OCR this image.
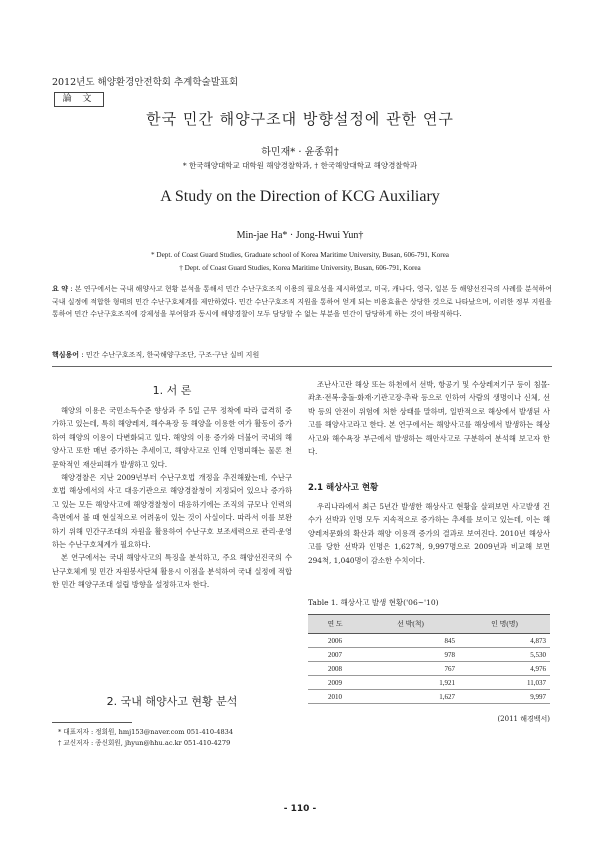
2012년도 해양환경안전학회 추계학술발표회
論 文
한국 민간 해양구조대 방향설정에 관한 연구
하민재* · 윤종휘†
* 한국해양대학교 대학원 해양경찰학과, † 한국해양대학교 해양경찰학과
A Study on the Direction of KCG Auxiliary
Min-jae Ha* · Jong-Hwui Yun†
* Dept. of Coast Guard Studies, Graduate school of Korea Maritime University, Busan, 606-791, Korea
† Dept. of Coast Guard Studies, Korea Maritime University, Busan, 606-791, Korea
요 약 : 본 연구에서는 국내 해양사고 현황 분석을 통해서 민간 수난구호조직 이용의 필요성을 제시하였고, 미국, 캐나다, 영국, 일본 등 해양선진국의 사례를 분석하여 국내 실정에 적합한 형태의 민간 수난구호체계를 제안하였다. 민간 수난구호조직 지원을 통하여 얻게 되는 비용효율은 상당한 것으로 나타났으며, 이러한 정부 지원을 통하여 민간 수난구호조직에 강제성을 부여함과 동시에 해양경찰이 모두 담당할 수 없는 부분을 민간이 담당하게 하는 것이 바람직하다.
핵심용어 : 민간 수난구호조직, 한국해양구조단, 구조·구난 실비 지원
1. 서 론

해양의 이용은 국민소득수준 향상과 주 5일 근무 정착에 따라 급격히 증가하고 있는데, 특히 해양레저, 해수욕장 등 해양을 이용한 여가 활동이 증가하여 해양의 이용이 다변화되고 있다. 해양의 이용 증가와 더불어 국내의 해양사고 또한 매년 증가하는 추세이고, 해양사고로 인해 인명피해는 물론 천문학적인 재산피해가 발생하고 있다.

해양경찰은 지난 2009년부터 수난구호법 개정을 추진해왔는데, 수난구호법 해상에서의 사고 대응기관으로 해양경찰청이 지정되어 있으나 증가하고 있는 모든 해양사고에 해양경찰청이 대응하기에는 조직의 규모나 인력의 측면에서 볼 때 현실적으로 어려움이 있는 것이 사실이다. 따라서 이를 보완하기 위해 민간구조대의 자원을 활용하여 수난구호 보조세력으로 관리·운영하는 수난구호체계가 필요하다.

본 연구에서는 국내 해양사고의 특징을 분석하고, 주요 해양선진국의 수난구호체계 및 민간 자원봉사단체 활용시 이점을 분석하여 국내 실정에 적합한 민간 해양구조대 설립 방향을 설정하고자 한다.

2. 국내 해양사고 현황 분석
* 대표저자 : 정회원, hmj153@naver.com 051-410-4834
† 교신저자 : 종신회원, jhyun@hhu.ac.kr 051-410-4279

조난사고란 해상 또는 하천에서 선박, 항공기 및 수상레저기구 등이 침몰·좌초·전복·충돌·화재·기관고장·추락 등으로 인하여 사람의 생명이나 신체, 선박 등의 안전이 위험에 처한 상태를 말하며, 일반적으로 해상에서 발생된 사고를 해양사고라고 한다. 본 연구에서는 해양사고를 해상에서 발생하는 해상사고와 해수욕장 부근에서 발생하는 해안사고로 구분하여 분석해 보고자 한다.

2.1 해상사고 현황

우리나라에서 최근 5년간 발생한 해상사고 현황을 살펴보면 사고발생 건수가 선박과 인명 모두 지속적으로 증가하는 추세를 보이고 있는데, 이는 해양레저문화의 확산과 해양 이용객 증가의 결과로 보여진다. 2010년 해상사고를 당한 선박과 인명은 1,627척, 9,997명으로 2009년과 비교해 보면 294척, 1,040명이 감소한 수치이다.

Table 1. 해상사고 발생 현황('06~'10)
연 도	선 박(척)	인 명(명)
2006	845	4,873
2007	978	5,530
2008	767	4,976
2009	1,921	11,037
2010	1,627	9,997
(2011 해경백서)
- 110 -
